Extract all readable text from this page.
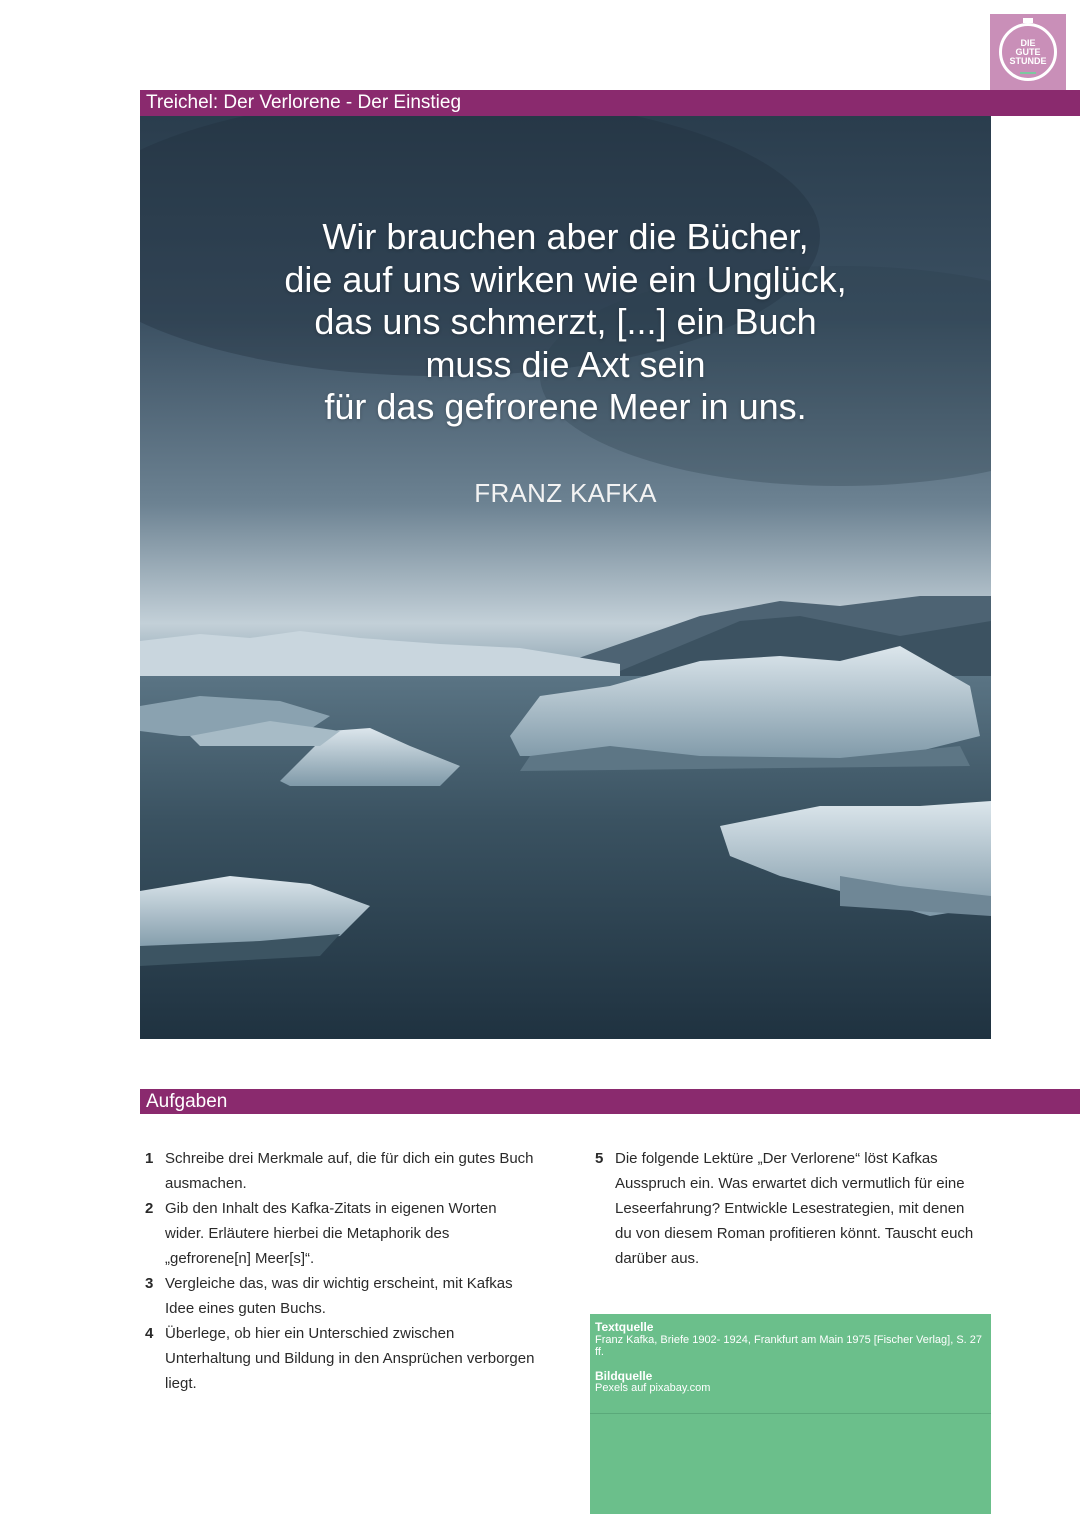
DIE
GUTE
STUNDE
Treichel: Der Verlorene - Der Einstieg
Wir brauchen aber die Bücher,
die auf uns wirken wie ein Unglück,
das uns schmerzt, [...] ein Buch
muss die Axt sein
für das gefrorene Meer in uns.
FRANZ KAFKA
Aufgaben
1 Schreibe drei Merkmale auf, die für dich ein gutes Buch ausmachen.
2 Gib den Inhalt des Kafka-Zitats in eigenen Worten wider. Erläutere hierbei die Metaphorik des „gefrorene[n] Meer[s]“.
3 Vergleiche das, was dir wichtig erscheint, mit Kafkas Idee eines guten Buchs.
4 Überlege, ob hier ein Unterschied zwischen Unterhaltung und Bildung in den Ansprüchen verborgen liegt.
5 Die folgende Lektüre „Der Verlorene“ löst Kafkas Ausspruch ein. Was erwartet dich vermutlich für eine Leseerfahrung? Entwickle Lesestrategien, mit denen du von diesem Roman profitieren könnt. Tauscht euch darüber aus.
Textquelle
Franz Kafka, Briefe 1902- 1924, Frankfurt am Main 1975 [Fischer Verlag], S. 27 ff.
Bildquelle
Pexels auf pixabay.com
